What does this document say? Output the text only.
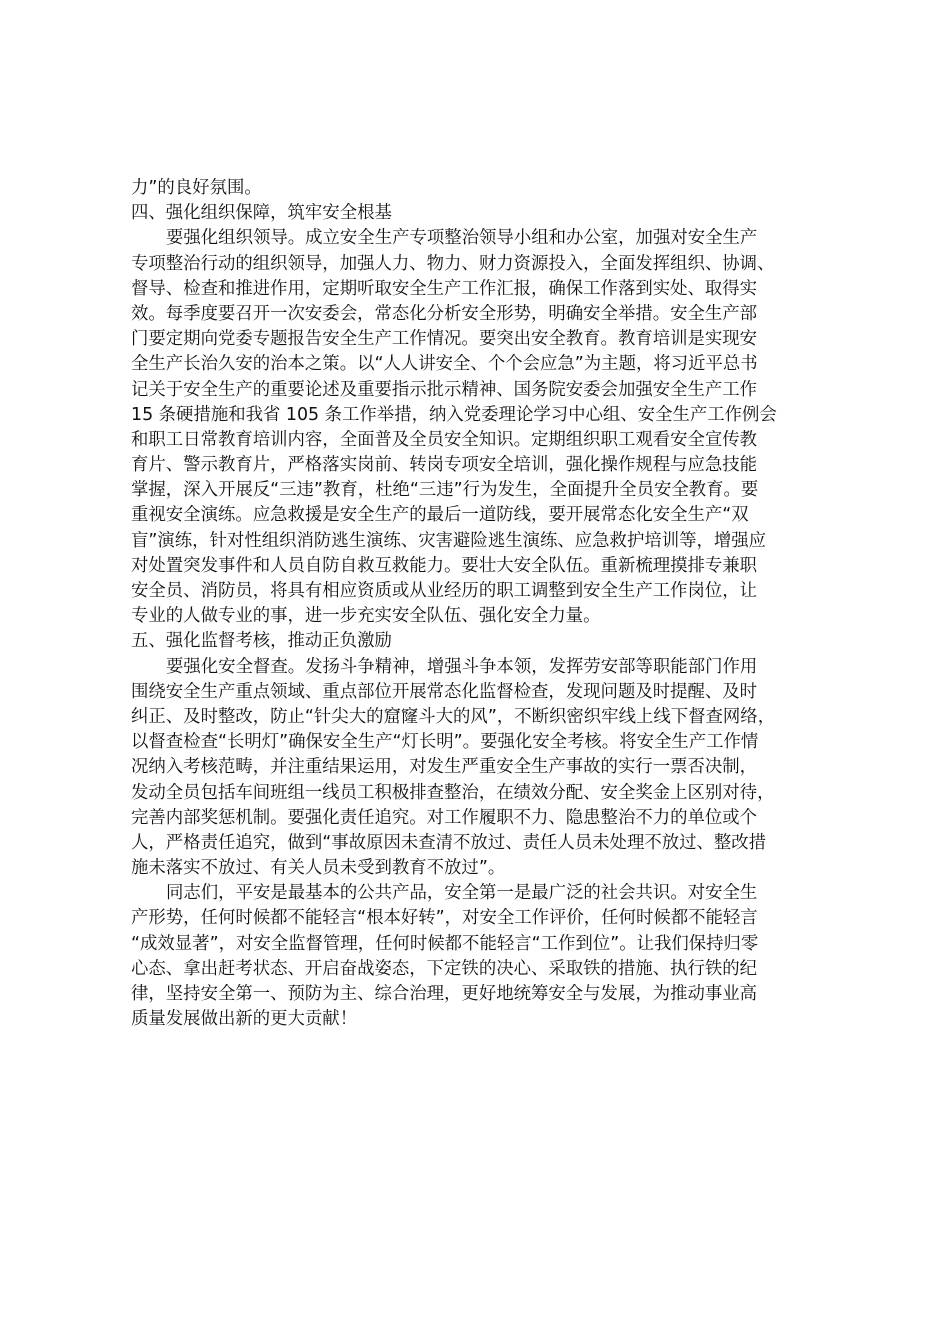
力”的良好氛围。
四、强化组织保障，筑牢安全根基
要强化组织领导。成立安全生产专项整治领导小组和办公室，加强对安全生产
专项整治行动的组织领导，加强人力、物力、财力资源投入，全面发挥组织、协调、
督导、检查和推进作用，定期听取安全生产工作汇报，确保工作落到实处、取得实
效。每季度要召开一次安委会，常态化分析安全形势，明确安全举措。安全生产部
门要定期向党委专题报告安全生产工作情况。要突出安全教育。教育培训是实现安
全生产长治久安的治本之策。以“人人讲安全、个个会应急”为主题，将习近平总书
记关于安全生产的重要论述及重要指示批示精神、国务院安委会加强安全生产工作
15 条硬措施和我省 105 条工作举措，纳入党委理论学习中心组、安全生产工作例会
和职工日常教育培训内容，全面普及全员安全知识。定期组织职工观看安全宣传教
育片、警示教育片，严格落实岗前、转岗专项安全培训，强化操作规程与应急技能
掌握，深入开展反“三违”教育，杜绝“三违”行为发生，全面提升全员安全教育。要
重视安全演练。应急救援是安全生产的最后一道防线，要开展常态化安全生产“双
盲”演练，针对性组织消防逃生演练、灾害避险逃生演练、应急救护培训等，增强应
对处置突发事件和人员自防自救互救能力。要壮大安全队伍。重新梳理摸排专兼职
安全员、消防员，将具有相应资质或从业经历的职工调整到安全生产工作岗位，让
专业的人做专业的事，进一步充实安全队伍、强化安全力量。
五、强化监督考核，推动正负激励
要强化安全督查。发扬斗争精神，增强斗争本领，发挥劳安部等职能部门作用
围绕安全生产重点领域、重点部位开展常态化监督检查，发现问题及时提醒、及时
纠正、及时整改，防止“针尖大的窟窿斗大的风”，不断织密织牢线上线下督查网络，
以督查检查“长明灯”确保安全生产“灯长明”。要强化安全考核。将安全生产工作情
况纳入考核范畴，并注重结果运用，对发生严重安全生产事故的实行一票否决制，
发动全员包括车间班组一线员工积极排查整治，在绩效分配、安全奖金上区别对待，
完善内部奖惩机制。要强化责任追究。对工作履职不力、隐患整治不力的单位或个
人，严格责任追究，做到“事故原因未查清不放过、责任人员未处理不放过、整改措
施未落实不放过、有关人员未受到教育不放过”。
同志们，平安是最基本的公共产品，安全第一是最广泛的社会共识。对安全生
产形势，任何时候都不能轻言“根本好转”，对安全工作评价，任何时候都不能轻言
“成效显著”，对安全监督管理，任何时候都不能轻言“工作到位”。让我们保持归零
心态、拿出赶考状态、开启奋战姿态，下定铁的决心、采取铁的措施、执行铁的纪
律，坚持安全第一、预防为主、综合治理，更好地统筹安全与发展，为推动事业高
质量发展做出新的更大贡献！
